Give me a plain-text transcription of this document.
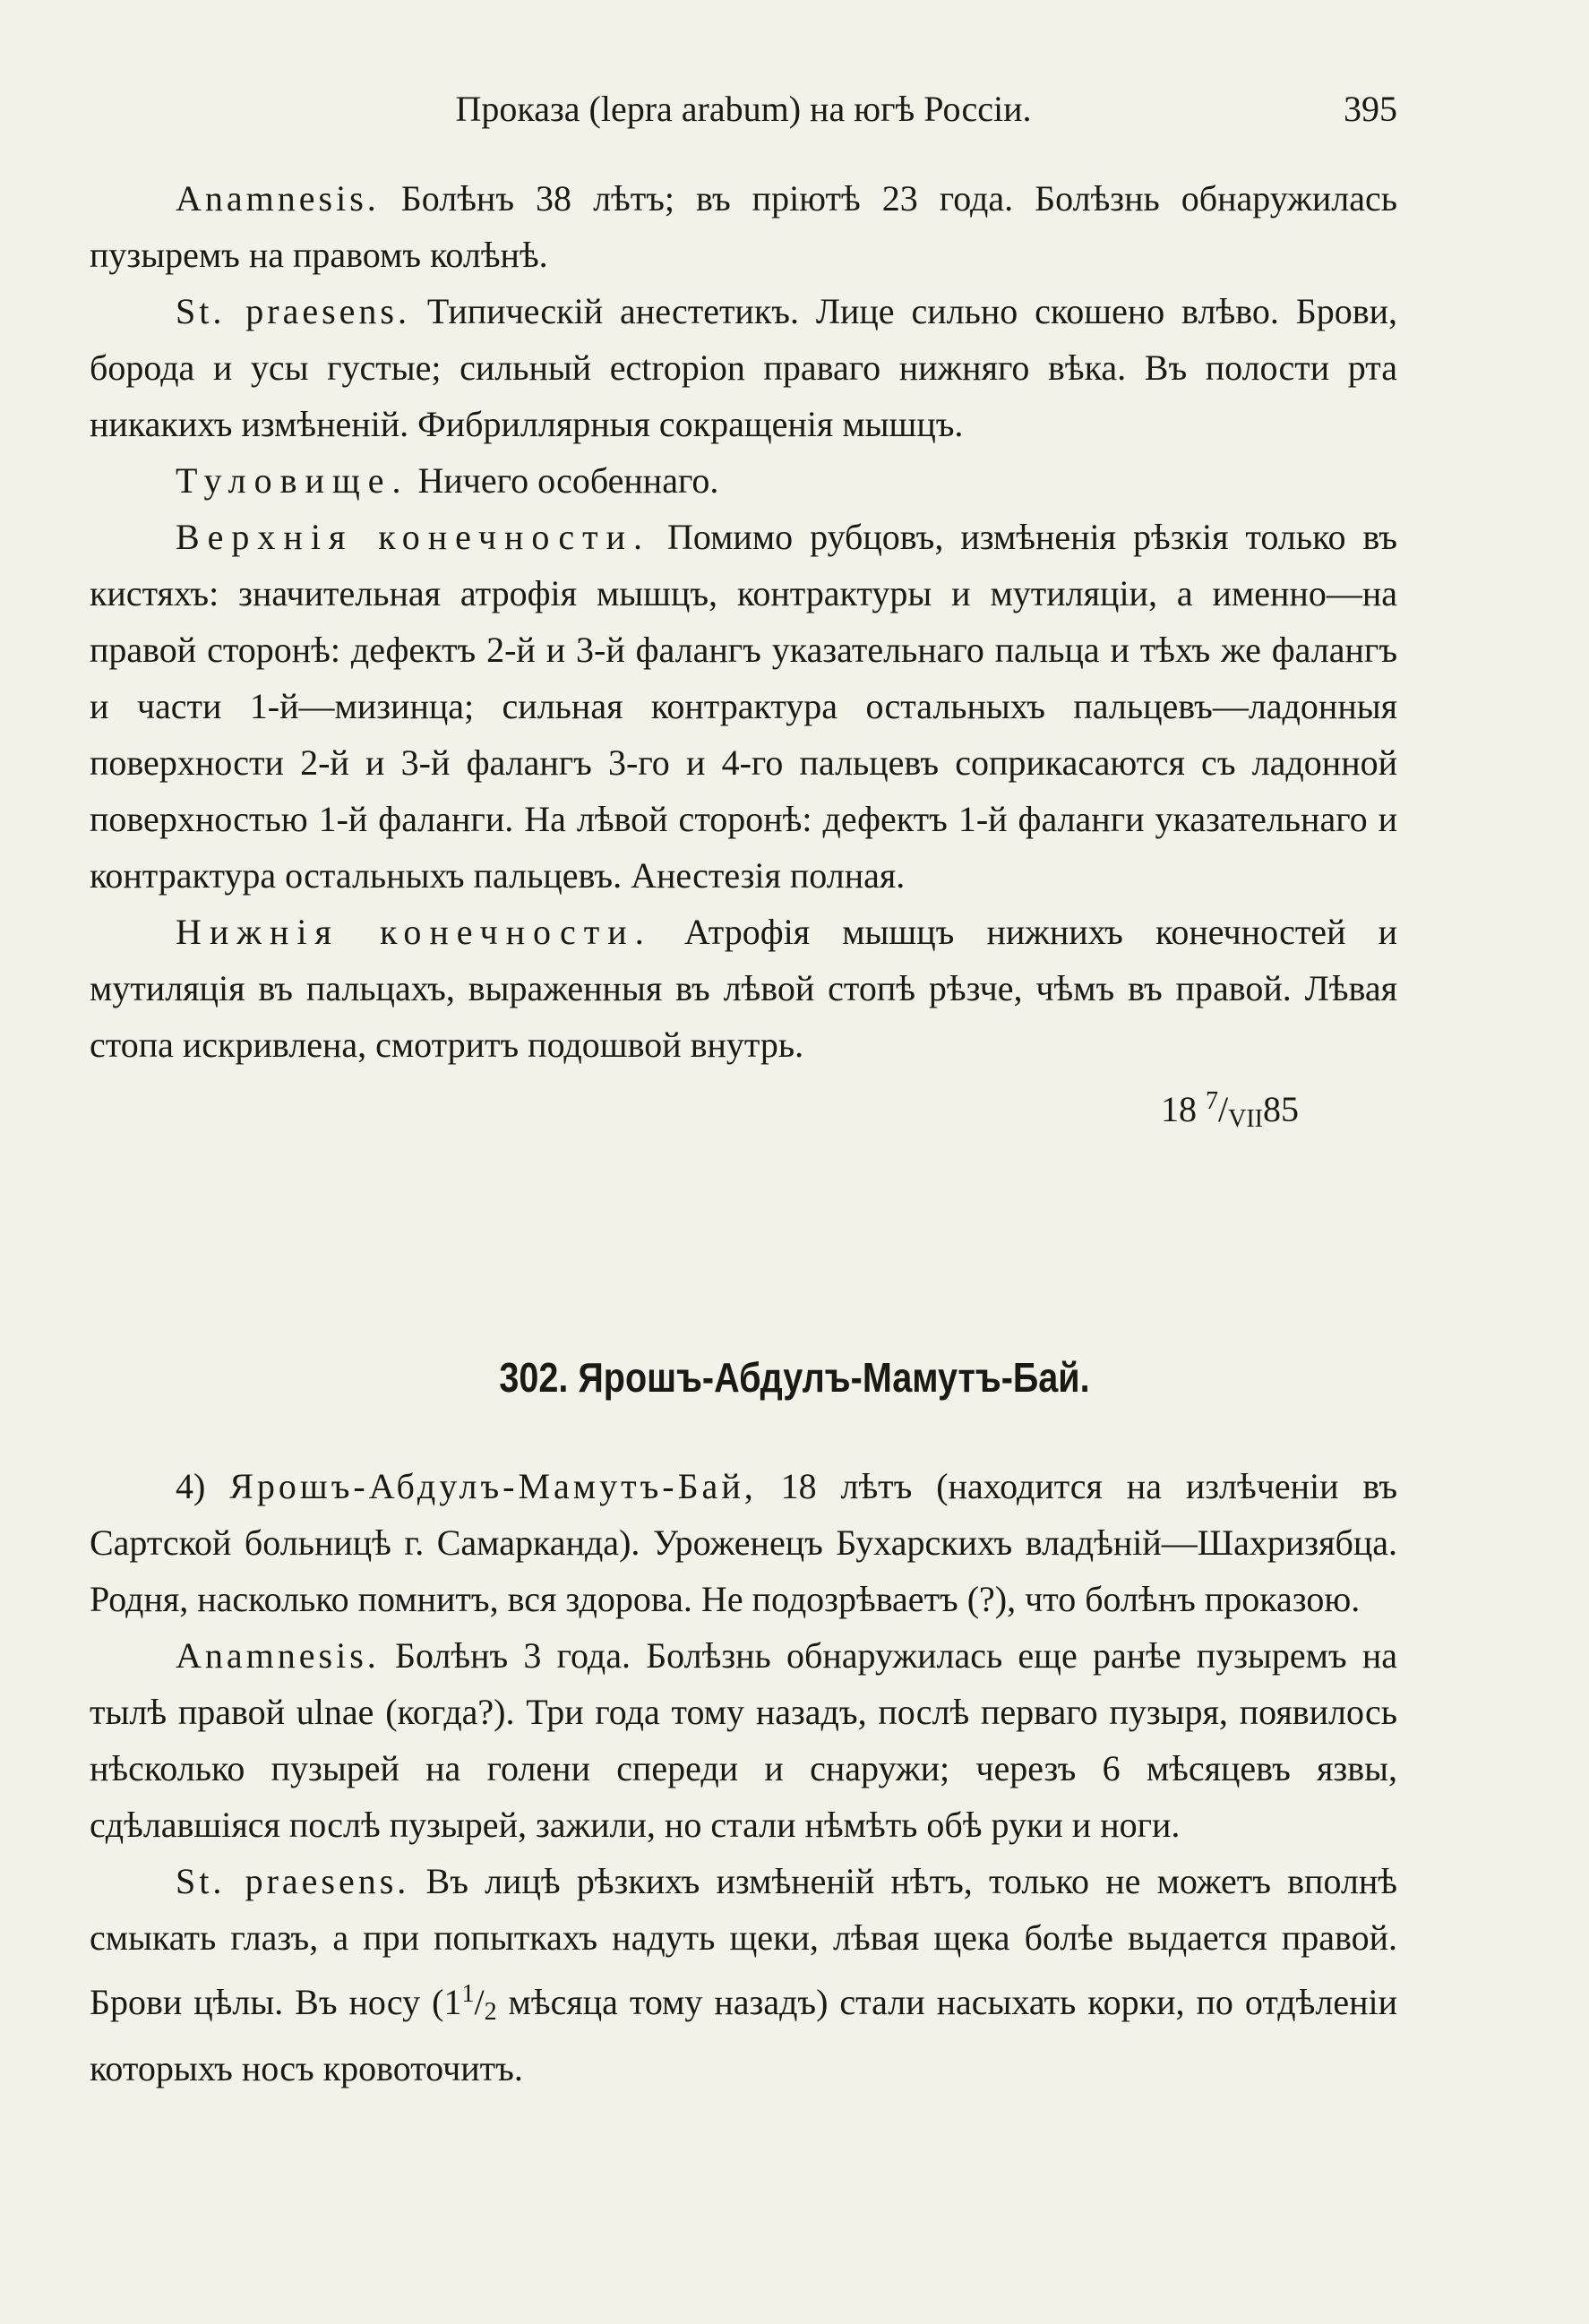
Проказа (lepra arabum) на югѣ Россіи.	395

Anamnesis. Болѣнъ 38 лѣтъ; въ пріютѣ 23 года. Болѣзнь обнаружилась пузыремъ на правомъ колѣнѣ.

St. praesens. Типическій анестетикъ. Лице сильно скошено влѣво. Брови, борода и усы густые; сильный ectropion праваго нижняго вѣка. Въ полости рта никакихъ измѣненій. Фибриллярныя сокращенія мышцъ.

Туловище. Ничего особеннаго.

Верхнія конечности. Помимо рубцовъ, измѣненія рѣзкія только въ кистяхъ: значительная атрофія мышцъ, контрактуры и мутиляціи, а именно—на правой сторонѣ: дефектъ 2-й и 3-й фалангъ указательнаго пальца и тѣхъ же фалангъ и части 1-й—мизинца; сильная контрактура остальныхъ пальцевъ—ладонныя поверхности 2-й и 3-й фалангъ 3-го и 4-го пальцевъ соприкасаются съ ладонной поверхностью 1-й фаланги. На лѣвой сторонѣ: дефектъ 1-й фаланги указательнаго и контрактура остальныхъ пальцевъ. Анестезія полная.

Нижнія конечности. Атрофія мышцъ нижнихъ конечностей и мутиляція въ пальцахъ, выраженныя въ лѣвой стопѣ рѣзче, чѣмъ въ правой. Лѣвая стопа искривлена, смотритъ подошвой внутрь.

18 $^7/_{VII}85$

302. Ярошъ-Абдулъ-Мамутъ-Бай.

4) Ярошъ-Абдулъ-Мамутъ-Бай, 18 лѣтъ (находится на излѣченіи въ Сартской больницѣ г. Самарканда). Уроженецъ Бухарскихъ владѣній—Шахризябца. Родня, насколько помнитъ, вся здорова. Не подозрѣваетъ (?), что болѣнъ проказою.

Anamnesis. Болѣнъ 3 года. Болѣзнь обнаружилась еще ранѣе пузыремъ на тылѣ правой ulnae (когда?). Три года тому назадъ, послѣ перваго пузыря, появилось нѣсколько пузырей на голени спереди и снаружи; черезъ 6 мѣсяцевъ язвы, сдѣлавшіяся послѣ пузырей, зажили, но стали нѣмѣть обѣ руки и ноги.

St. praesens. Въ лицѣ рѣзкихъ измѣненій нѣтъ, только не можетъ вполнѣ смыкать глазъ, а при попыткахъ надуть щеки, лѣвая щека болѣе выдается правой. Брови цѣлы. Въ носу ($1^1/_2$ мѣсяца тому назадъ) стали насыхать корки, по отдѣленіи которыхъ носъ кровоточитъ.
